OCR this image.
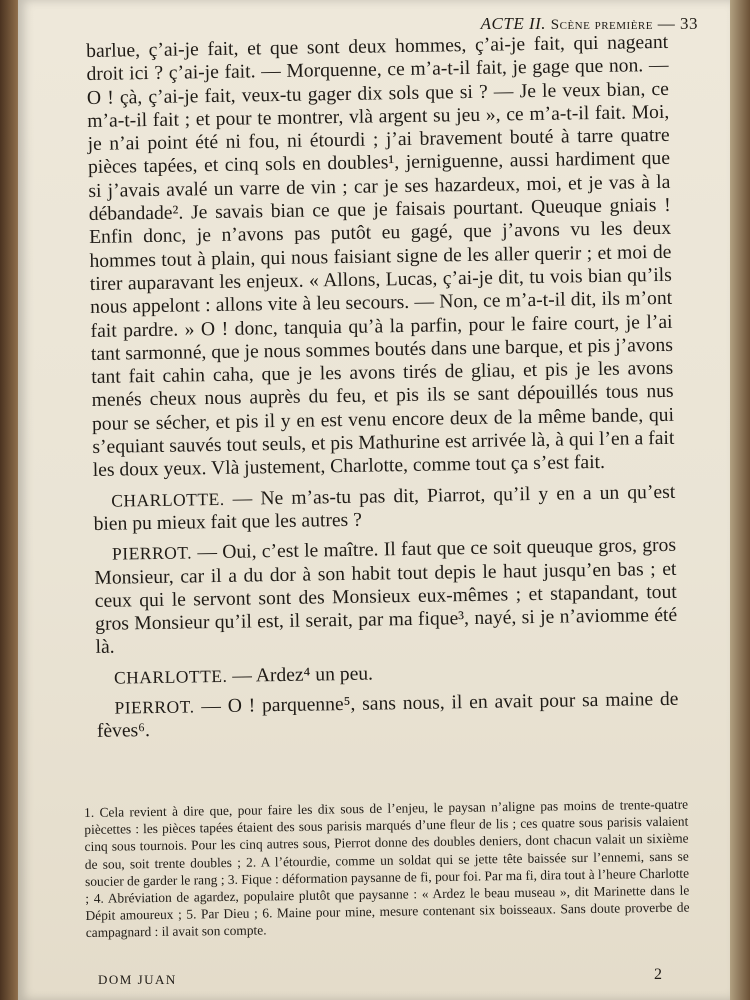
ACTE II. Scène première — 33

barlue, ç’ai-je fait, et que sont deux hommes, ç’ai-je fait, qui nageant droit ici ? ç’ai-je fait. — Morquenne, ce m’a-t-il fait, je gage que non. — O ! çà, ç’ai-je fait, veux-tu gager dix sols que si ? — Je le veux bian, ce m’a-t-il fait ; et pour te montrer, vlà argent su jeu », ce m’a-t-il fait. Moi, je n’ai point été ni fou, ni étourdi ; j’ai bravement bouté à tarre quatre pièces tapées, et cinq sols en doubles¹, jerniguenne, aussi hardiment que si j’avais avalé un varre de vin ; car je ses hazardeux, moi, et je vas à la débandade². Je savais bian ce que je faisais pourtant. Queuque gniais ! Enfin donc, je n’avons pas putôt eu gagé, que j’avons vu les deux hommes tout à plain, qui nous faisiant signe de les aller querir ; et moi de tirer auparavant les enjeux. « Allons, Lucas, ç’ai-je dit, tu vois bian qu’ils nous appelont : allons vite à leu secours. — Non, ce m’a-t-il dit, ils m’ont fait pardre. » O ! donc, tanquia qu’à la parfin, pour le faire court, je l’ai tant sarmonné, que je nous sommes boutés dans une barque, et pis j’avons tant fait cahin caha, que je les avons tirés de gliau, et pis je les avons menés cheux nous auprès du feu, et pis ils se sant dépouillés tous nus pour se sécher, et pis il y en est venu encore deux de la même bande, qui s’equiant sauvés tout seuls, et pis Mathurine est arrivée là, à qui l’en a fait les doux yeux. Vlà justement, Charlotte, comme tout ça s’est fait.

CHARLOTTE. — Ne m’as-tu pas dit, Piarrot, qu’il y en a un qu’est bien pu mieux fait que les autres ?

PIERROT. — Oui, c’est le maître. Il faut que ce soit queuque gros, gros Monsieur, car il a du dor à son habit tout depis le haut jusqu’en bas ; et ceux qui le servont sont des Monsieux eux-mêmes ; et stapandant, tout gros Monsieur qu’il est, il serait, par ma fique³, nayé, si je n’aviomme été là.

CHARLOTTE. — Ardez⁴ un peu.

PIERROT. — O ! parquenne⁵, sans nous, il en avait pour sa maine de fèves⁶.

1. Cela revient à dire que, pour faire les dix sous de l’enjeu, le paysan n’aligne pas moins de trente-quatre piècettes : les pièces tapées étaient des sous parisis marqués d’une fleur de lis ; ces quatre sous parisis valaient cinq sous tournois. Pour les cinq autres sous, Pierrot donne des doubles deniers, dont chacun valait un sixième de sou, soit trente doubles ; 2. A l’étourdie, comme un soldat qui se jette tête baissée sur l’ennemi, sans se soucier de garder le rang ; 3. Fique : déformation paysanne de fi, pour foi. Par ma fi, dira tout à l’heure Charlotte ; 4. Abréviation de agardez, populaire plutôt que paysanne : « Ardez le beau museau », dit Marinette dans le Dépit amoureux ; 5. Par Dieu ; 6. Maine pour mine, mesure contenant six boisseaux. Sans doute proverbe de campagnard : il avait son compte.

DOM JUAN	2
